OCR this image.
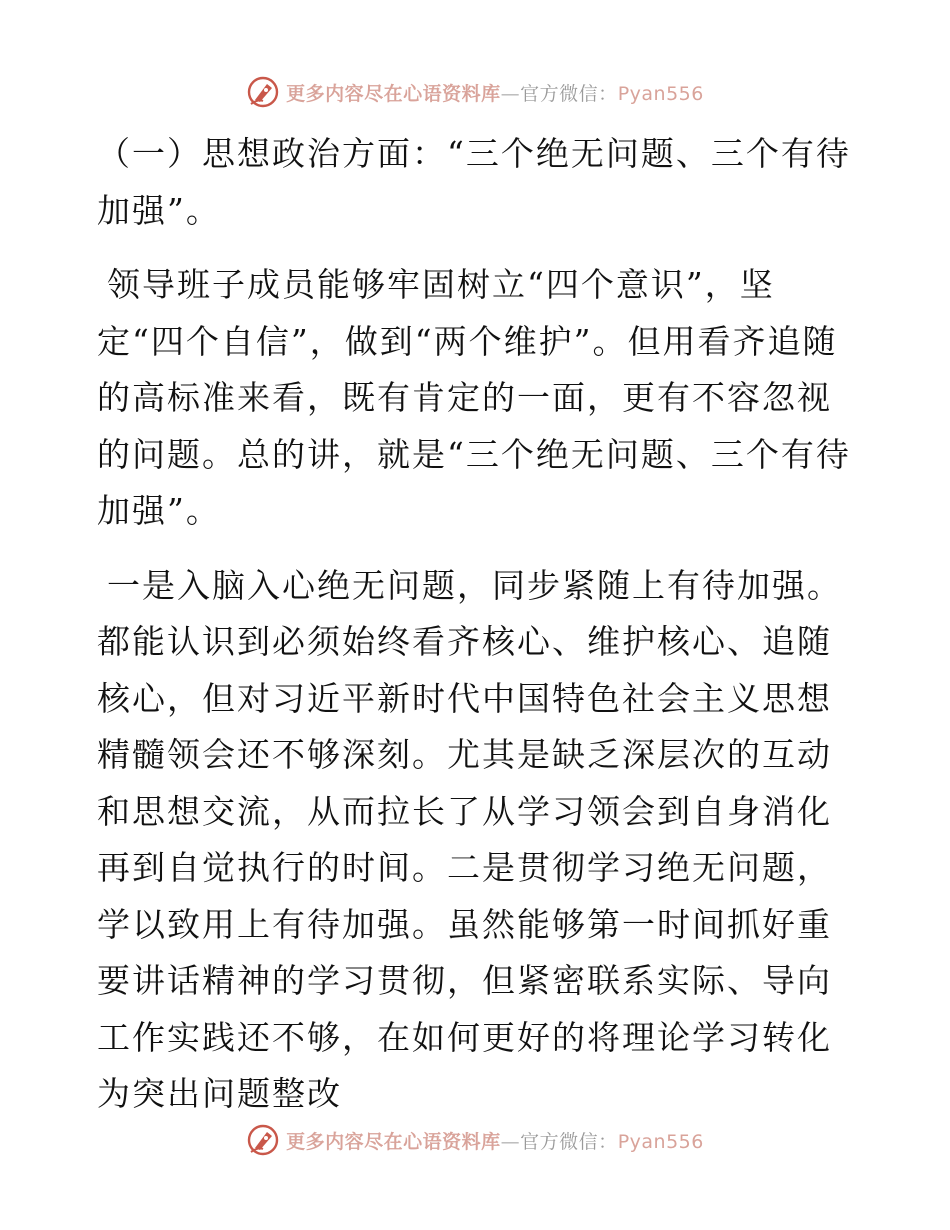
更多内容尽在心语资料库—官方微信：Pyan556

（一）思想政治方面：“三个绝无问题、三个有待加强”。

领导班子成员能够牢固树立“四个意识”，坚定“四个自信”，做到“两个维护”。但用看齐追随的高标准来看，既有肯定的一面，更有不容忽视的问题。总的讲，就是“三个绝无问题、三个有待加强”。

一是入脑入心绝无问题，同步紧随上有待加强。都能认识到必须始终看齐核心、维护核心、追随核心，但对习近平新时代中国特色社会主义思想精髓领会还不够深刻。尤其是缺乏深层次的互动和思想交流，从而拉长了从学习领会到自身消化再到自觉执行的时间。二是贯彻学习绝无问题，学以致用上有待加强。虽然能够第一时间抓好重要讲话精神的学习贯彻，但紧密联系实际、导向工作实践还不够，在如何更好的将理论学习转化为突出问题整改

更多内容尽在心语资料库—官方微信：Pyan556
